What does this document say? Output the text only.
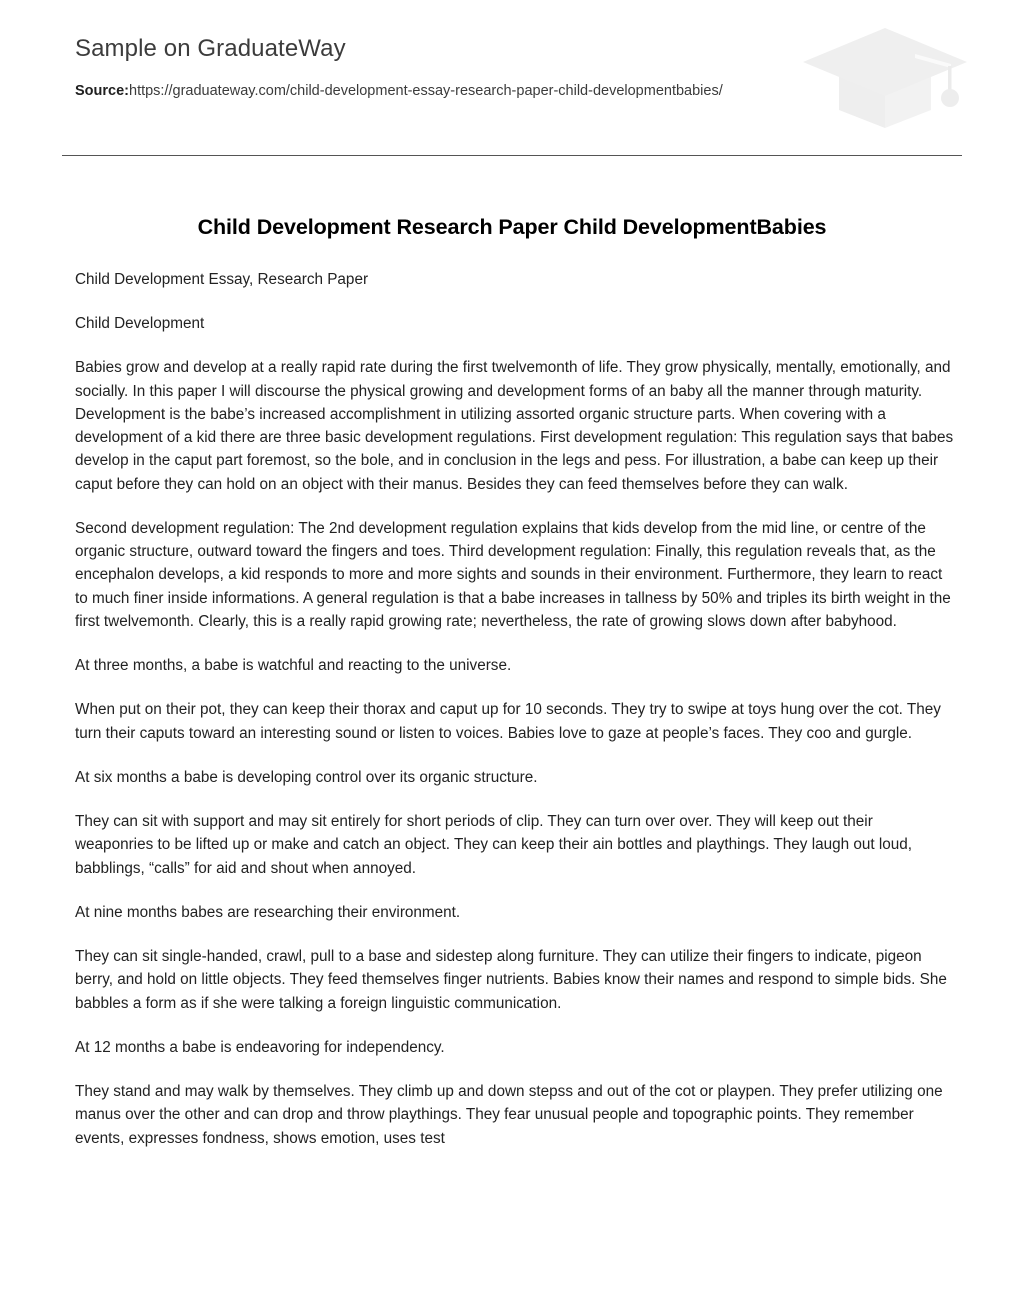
Sample on GraduateWay

Source:https://graduateway.com/child-development-essay-research-paper-child-developmentbabies/

Child Development Research Paper Child DevelopmentBabies

Child Development Essay, Research Paper

Child Development

Babies grow and develop at a really rapid rate during the first twelvemonth of life. They grow physically, mentally, emotionally, and socially. In this paper I will discourse the physical growing and development forms of an baby all the manner through maturity. Development is the babe’s increased accomplishment in utilizing assorted organic structure parts. When covering with a development of a kid there are three basic development regulations. First development regulation: This regulation says that babes develop in the caput part foremost, so the bole, and in conclusion in the legs and pess. For illustration, a babe can keep up their caput before they can hold on an object with their manus. Besides they can feed themselves before they can walk.

Second development regulation: The 2nd development regulation explains that kids develop from the mid line, or centre of the organic structure, outward toward the fingers and toes. Third development regulation: Finally, this regulation reveals that, as the encephalon develops, a kid responds to more and more sights and sounds in their environment. Furthermore, they learn to react to much finer inside informations. A general regulation is that a babe increases in tallness by 50% and triples its birth weight in the first twelvemonth. Clearly, this is a really rapid growing rate; nevertheless, the rate of growing slows down after babyhood.

At three months, a babe is watchful and reacting to the universe.

When put on their pot, they can keep their thorax and caput up for 10 seconds. They try to swipe at toys hung over the cot. They turn their caputs toward an interesting sound or listen to voices. Babies love to gaze at people’s faces. They coo and gurgle.

At six months a babe is developing control over its organic structure.

They can sit with support and may sit entirely for short periods of clip. They can turn over over. They will keep out their weaponries to be lifted up or make and catch an object. They can keep their ain bottles and playthings. They laugh out loud, babblings, “calls” for aid and shout when annoyed.

At nine months babes are researching their environment.

They can sit single-handed, crawl, pull to a base and sidestep along furniture. They can utilize their fingers to indicate, pigeon berry, and hold on little objects. They feed themselves finger nutrients. Babies know their names and respond to simple bids. She babbles a form as if she were talking a foreign linguistic communication.

At 12 months a babe is endeavoring for independency.

They stand and may walk by themselves. They climb up and down stepss and out of the cot or playpen. They prefer utilizing one manus over the other and can drop and throw playthings. They fear unusual people and topographic points. They remember events, expresses fondness, shows emotion, uses test
